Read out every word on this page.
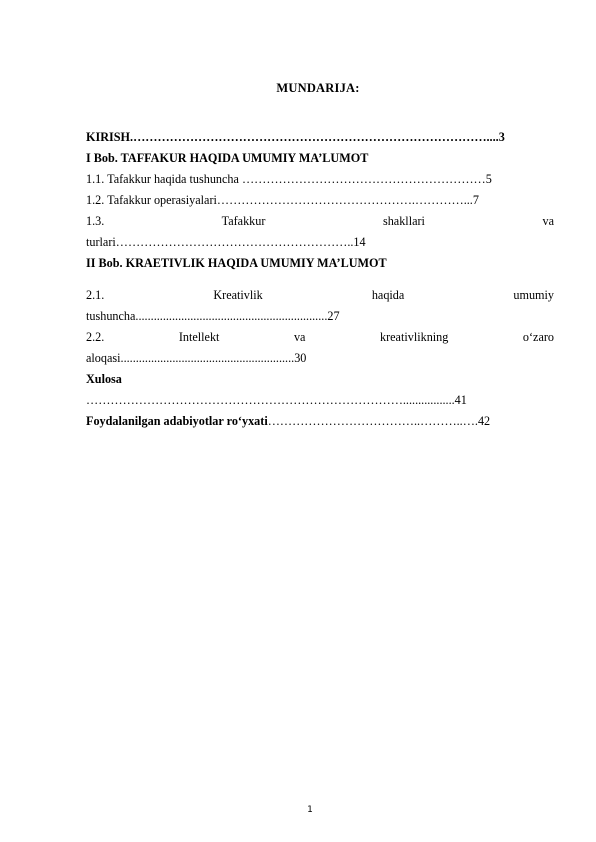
MUNDARIJA:
KIRISH.……………………………………………………………………………....3
I Bob. TAFFAKUR HAQIDA UMUMIY MA’LUMOT
1.1. Tafakkur haqida tushuncha ……………………………………………………5
1.2. Tafakkur operasiyalari………………………………………….…………...7
1.3.	Tafakkur	shakllari	va
turlari…………………………………………………..14
II Bob. KRAETIVLIK HAQIDA UMUMIY MA’LUMOT
2.1.	Kreativlik	haqida	umumiy
tushuncha...............................................................27
2.2.	Intellekt	va	kreativlikning	o‘zaro
aloqasi.........................................................30
Xulosa
…………………………………………………………………….................41
Foydalanilgan adabiyotlar ro‘yxati………………………………..………..….42
1
